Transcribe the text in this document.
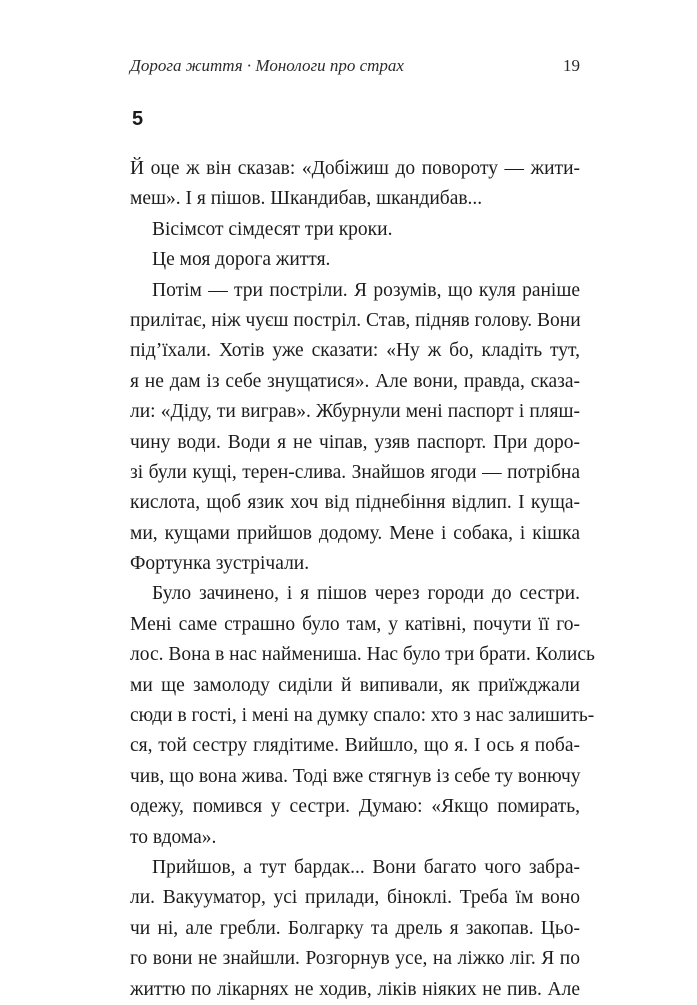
Дорога життя · Монологи про страх	19
5
Й оце ж він сказав: «Добіжиш до повороту — жити-
меш». І я пішов. Шкандибав, шкандибав...
Вісімсот сімдесят три кроки.
Це моя дорога життя.
Потім — три постріли. Я розумів, що куля раніше
прилітає, ніж чуєш постріл. Став, підняв голову. Вони
під’їхали. Хотів уже сказати: «Ну ж бо, кладіть тут,
я не дам із себе знущатися». Але вони, правда, сказа-
ли: «Діду, ти виграв». Жбурнули мені паспорт і пляш-
чину води. Води я не чіпав, узяв паспорт. При доро-
зі були кущі, терен-слива. Знайшов ягоди — потрібна
кислота, щоб язик хоч від піднебіння відлип. І куща-
ми, кущами прийшов додому. Мене і собака, і кішка
Фортунка зустрічали.
Було зачинено, і я пішов через городи до сестри.
Мені саме страшно було там, у катівні, почути її го-
лос. Вона в нас наймениша. Нас було три брати. Колись
ми ще замолоду сиділи й випивали, як приїжджали
сюди в гості, і мені на думку спало: хто з нас залишить-
ся, той сестру глядітиме. Вийшло, що я. І ось я поба-
чив, що вона жива. Тоді вже стягнув із себе ту вонючу
одежу, помився у сестри. Думаю: «Якщо помирать,
то вдома».
Прийшов, а тут бардак... Вони багато чого забра-
ли. Вакууматор, усі прилади, біноклі. Треба їм воно
чи ні, але гребли. Болгарку та дрель я закопав. Цьо-
го вони не знайшли. Розгорнув усе, на ліжко ліг. Я по
життю по лікарнях не ходив, ліків ніяких не пив. Але
